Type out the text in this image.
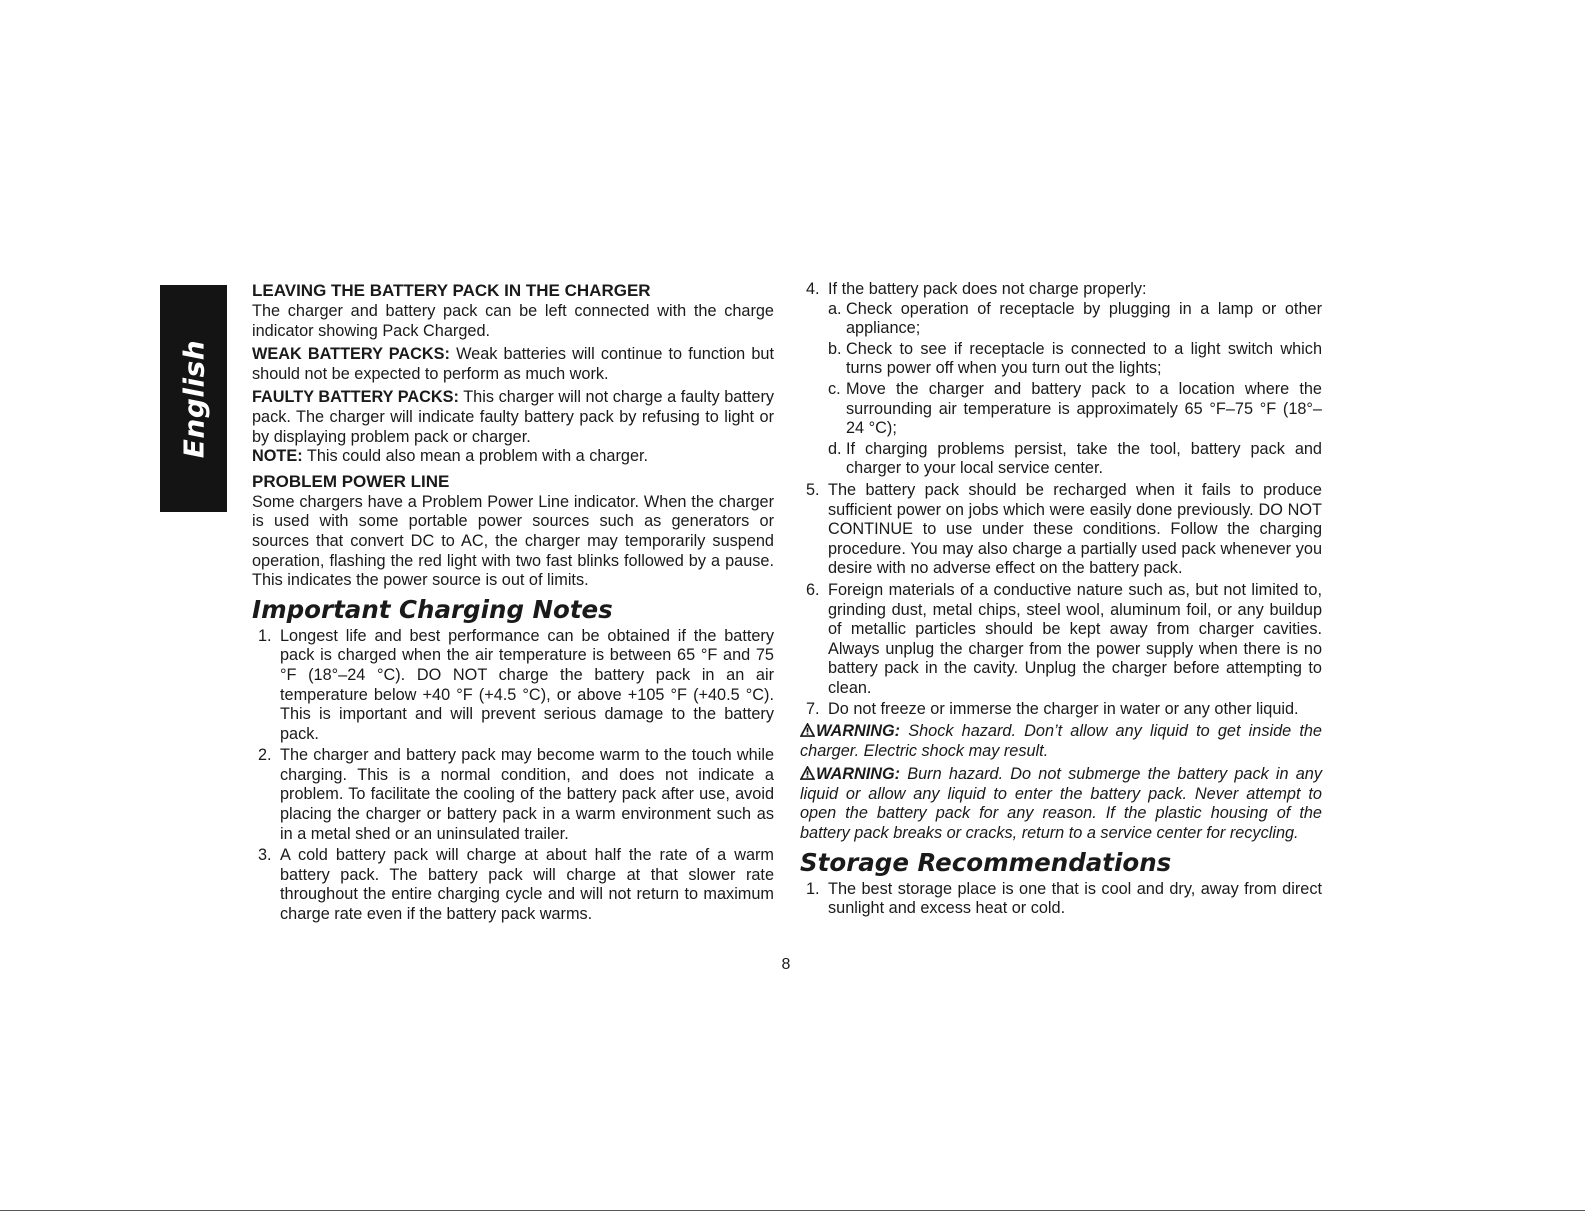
English
LEAVING THE BATTERY PACK IN THE CHARGER

The charger and battery pack can be left connected with the charge indicator showing Pack Charged.

WEAK BATTERY PACKS: Weak batteries will continue to function but should not be expected to perform as much work.

FAULTY BATTERY PACKS: This charger will not charge a faulty battery pack. The charger will indicate faulty battery pack by refusing to light or by displaying problem pack or charger.

NOTE: This could also mean a problem with a charger.

PROBLEM POWER LINE

Some chargers have a Problem Power Line indicator. When the charger is used with some portable power sources such as generators or sources that convert DC to AC, the charger may temporarily suspend operation, flashing the red light with two fast blinks followed by a pause. This indicates the power source is out of limits.

Important Charging Notes
1. Longest life and best performance can be obtained if the battery pack is charged when the air temperature is between 65 °F and 75 °F (18°–24 °C). DO NOT charge the battery pack in an air temperature below +40 °F (+4.5 °C), or above +105 °F (+40.5 °C). This is important and will prevent serious damage to the battery pack.
2. The charger and battery pack may become warm to the touch while charging. This is a normal condition, and does not indicate a problem. To facilitate the cooling of the battery pack after use, avoid placing the charger or battery pack in a warm environment such as in a metal shed or an uninsulated trailer.
3. A cold battery pack will charge at about half the rate of a warm battery pack. The battery pack will charge at that slower rate throughout the entire charging cycle and will not return to maximum charge rate even if the battery pack warms.
4. If the battery pack does not charge properly:
a. Check operation of receptacle by plugging in a lamp or other appliance;
b. Check to see if receptacle is connected to a light switch which turns power off when you turn out the lights;
c. Move the charger and battery pack to a location where the surrounding air temperature is approximately 65 °F–75 °F (18°–24 °C);
d. If charging problems persist, take the tool, battery pack and charger to your local service center.
5. The battery pack should be recharged when it fails to produce sufficient power on jobs which were easily done previously. DO NOT CONTINUE to use under these conditions. Follow the charging procedure. You may also charge a partially used pack whenever you desire with no adverse effect on the battery pack.
6. Foreign materials of a conductive nature such as, but not limited to, grinding dust, metal chips, steel wool, aluminum foil, or any buildup of metallic particles should be kept away from charger cavities. Always unplug the charger from the power supply when there is no battery pack in the cavity. Unplug the charger before attempting to clean.
7. Do not freeze or immerse the charger in water or any other liquid.

WARNING: Shock hazard. Don’t allow any liquid to get inside the charger. Electric shock may result.

WARNING: Burn hazard. Do not submerge the battery pack in any liquid or allow any liquid to enter the battery pack. Never attempt to open the battery pack for any reason. If the plastic housing of the battery pack breaks or cracks, return to a service center for recycling.

Storage Recommendations
1. The best storage place is one that is cool and dry, away from direct sunlight and excess heat or cold.
8
